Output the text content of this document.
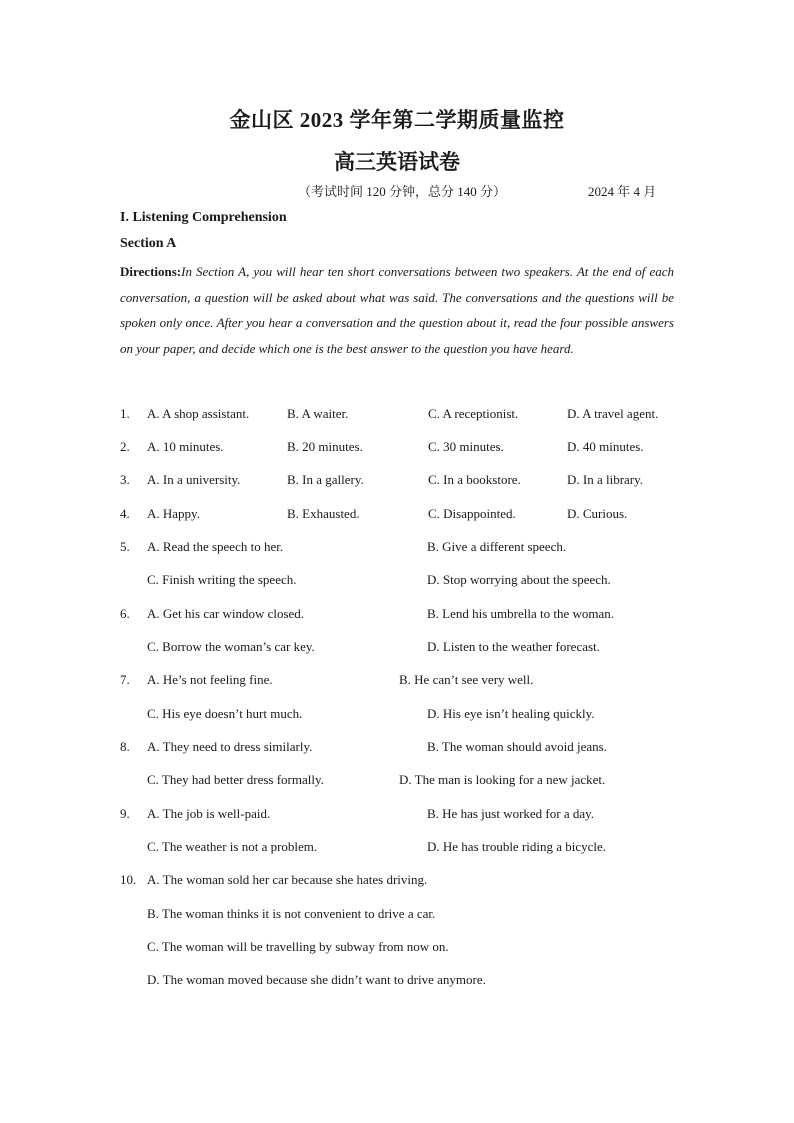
金山区 2023 学年第二学期质量监控
高三英语试卷
（考试时间 120 分钟，总分 140 分）	2024 年 4 月
I. Listening Comprehension
Section A
Directions:In Section A, you will hear ten short conversations between two speakers. At the end of each conversation, a question will be asked about what was said. The conversations and the questions will be spoken only once. After you hear a conversation and the question about it, read the four possible answers on your paper, and decide which one is the best answer to the question you have heard.
1. A. A shop assistant.	B. A waiter.	C. A receptionist.	D. A travel agent.
2. A. 10 minutes.	B. 20 minutes.	C. 30 minutes.	D. 40 minutes.
3. A. In a university.	B. In a gallery.	C. In a bookstore.	D. In a library.
4. A. Happy.	B. Exhausted.	C. Disappointed.	D. Curious.
5. A. Read the speech to her.	B. Give a different speech.
C. Finish writing the speech.	D. Stop worrying about the speech.
6. A. Get his car window closed.	B. Lend his umbrella to the woman.
C. Borrow the woman’s car key.	D. Listen to the weather forecast.
7. A. He’s not feeling fine.	B. He can’t see very well.
C. His eye doesn’t hurt much.	D. His eye isn’t healing quickly.
8. A. They need to dress similarly.	B. The woman should avoid jeans.
C. They had better dress formally.	D. The man is looking for a new jacket.
9. A. The job is well-paid.	B. He has just worked for a day.
C. The weather is not a problem.	D. He has trouble riding a bicycle.
10. A. The woman sold her car because she hates driving.
B. The woman thinks it is not convenient to drive a car.
C. The woman will be travelling by subway from now on.
D. The woman moved because she didn’t want to drive anymore.
